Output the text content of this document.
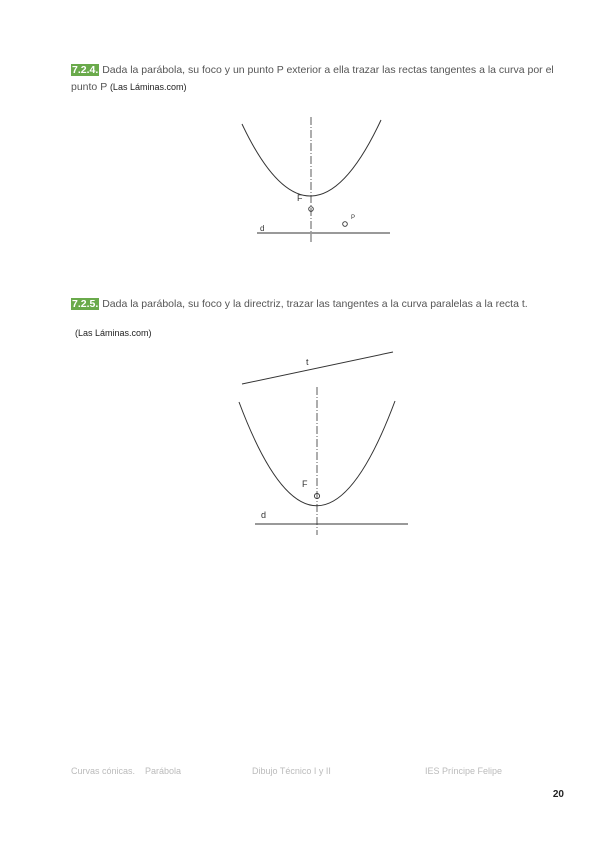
7.2.4. Dada la parábola, su foco y un punto P exterior a ella trazar las rectas tangentes a la curva por el punto P (Las Láminas.com)
F
P
d
7.2.5. Dada la parábola, su foco y la directriz, trazar las tangentes a la curva paralelas a la recta t.
(Las Láminas.com)
t
F
d
Curvas cónicas.    Parábola	Dibujo Técnico I y II	IES Príncipe Felipe
20
